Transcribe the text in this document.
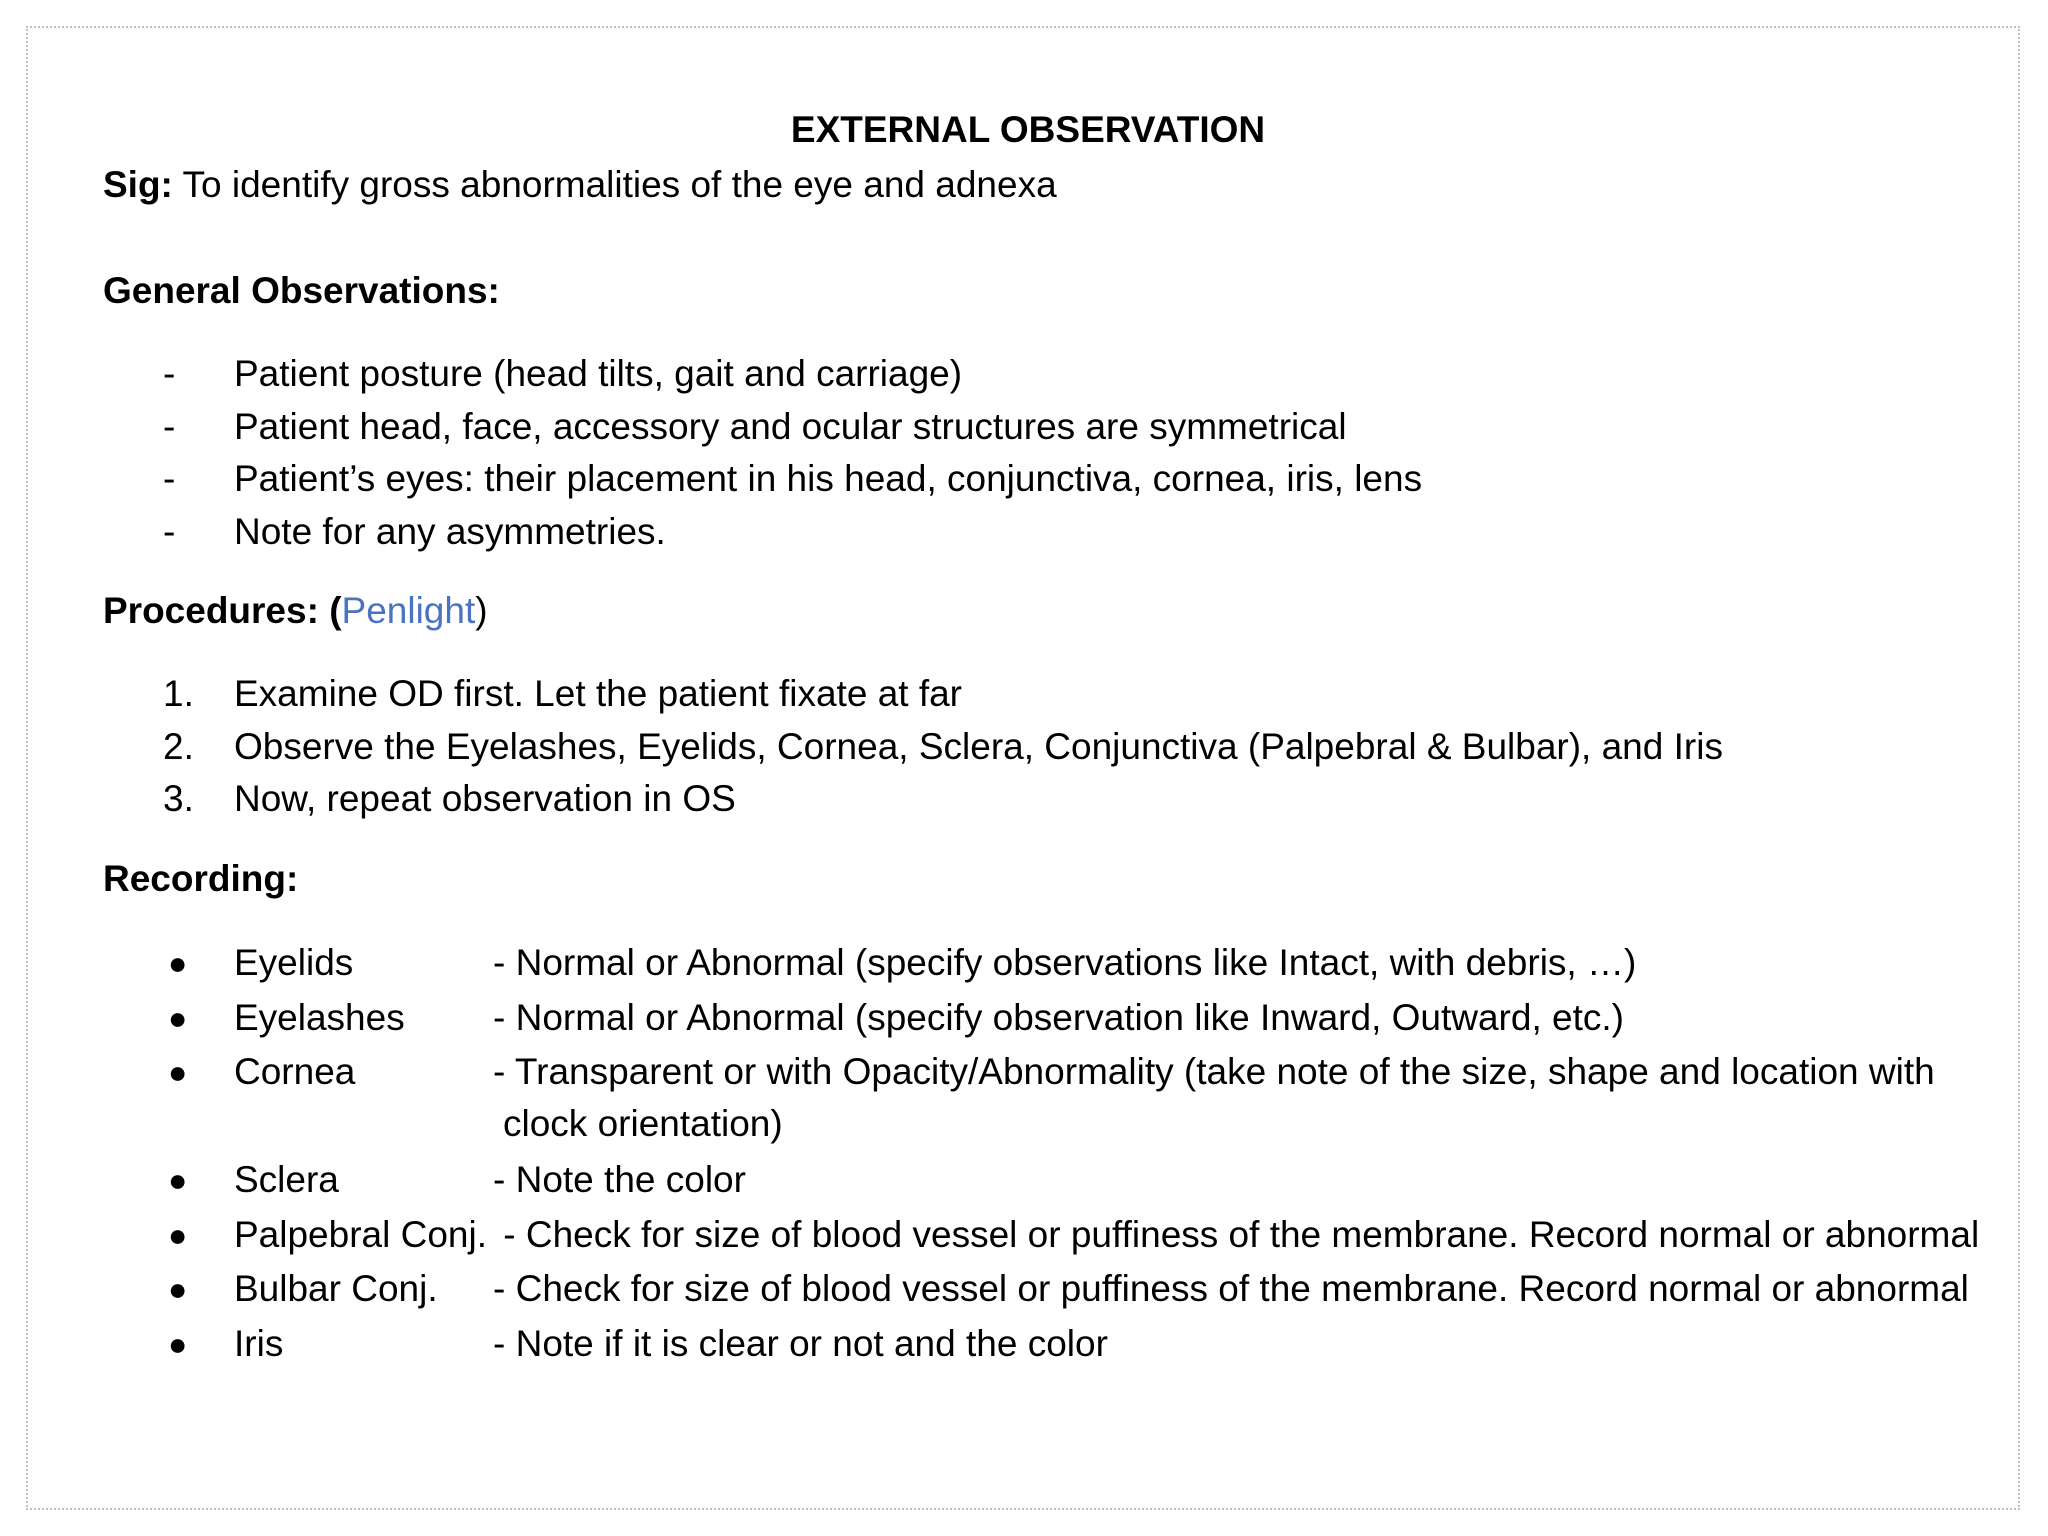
EXTERNAL OBSERVATION
Sig: To identify gross abnormalities of the eye and adnexa
General Observations:
-	Patient posture (head tilts, gait and carriage)
-	Patient head, face, accessory and ocular structures are symmetrical
-	Patient’s eyes: their placement in his head, conjunctiva, cornea, iris, lens
-	Note for any asymmetries.
Procedures: (Penlight)
1.	Examine OD first. Let the patient fixate at far
2.	Observe the Eyelashes, Eyelids, Cornea, Sclera, Conjunctiva (Palpebral & Bulbar), and Iris
3.	Now, repeat observation in OS
Recording:
●	Eyelids	- Normal or Abnormal (specify observations like Intact, with debris, …)
●	Eyelashes - Normal or Abnormal (specify observation like Inward, Outward, etc.)
●	Cornea	- Transparent or with Opacity/Abnormality (take note of the size, shape and location with
clock orientation)
●	Sclera	- Note the color
●	Palpebral Conj. - Check for size of blood vessel or puffiness of the membrane. Record normal or abnormal
●	Bulbar Conj. - Check for size of blood vessel or puffiness of the membrane. Record normal or abnormal
●	Iris	- Note if it is clear or not and the color
